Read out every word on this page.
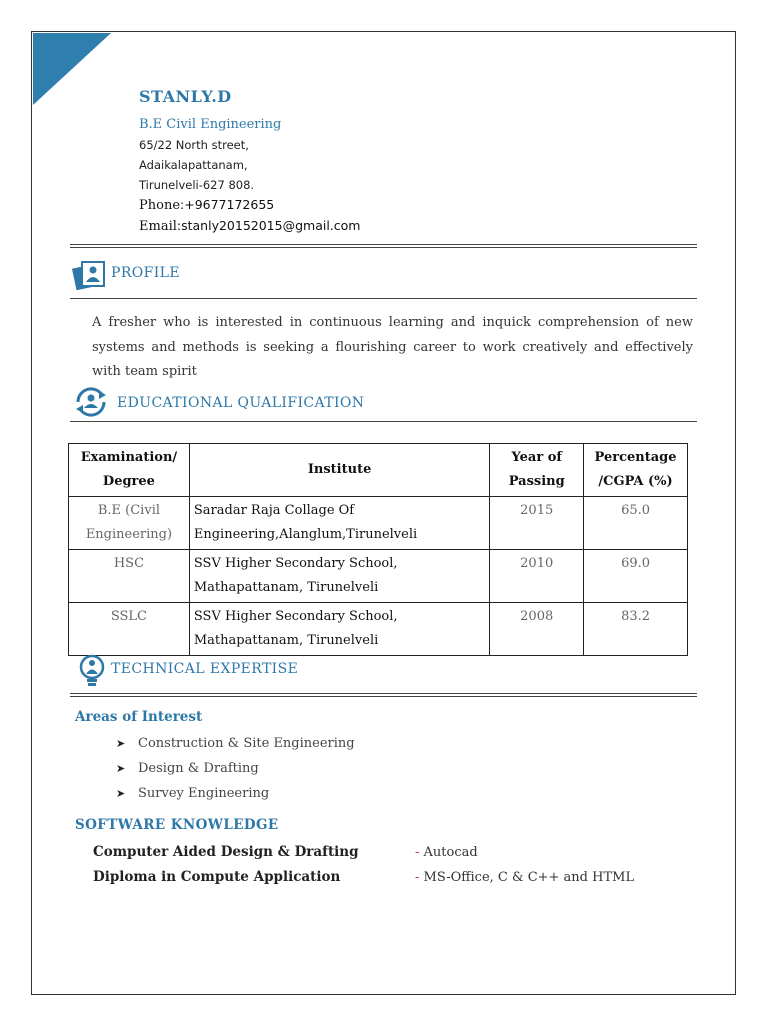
STANLY.D
B.E Civil Engineering
65/22 North street,
Adaikalapattanam,
Tirunelveli-627 808.
Phone:+9677172655
Email:stanly20152015@gmail.com
PROFILE
A fresher who is interested in continuous learning and inquick comprehension of new systems and methods is seeking a flourishing career to work creatively and effectively with team spirit
EDUCATIONAL QUALIFICATION
Examination/ Degree	Institute	Year of Passing	Percentage /CGPA (%)
B.E (Civil Engineering)	Saradar Raja Collage Of Engineering,Alanglum,Tirunelveli	2015	65.0
HSC	SSV Higher Secondary School, Mathapattanam, Tirunelveli	2010	69.0
SSLC	SSV Higher Secondary School, Mathapattanam, Tirunelveli	2008	83.2
TECHNICAL EXPERTISE
Areas of Interest
➤ Construction & Site Engineering
➤ Design & Drafting
➤ Survey Engineering
SOFTWARE KNOWLEDGE
Computer Aided Design & Drafting	- Autocad
Diploma in Compute Application	- MS-Office, C & C++ and HTML
